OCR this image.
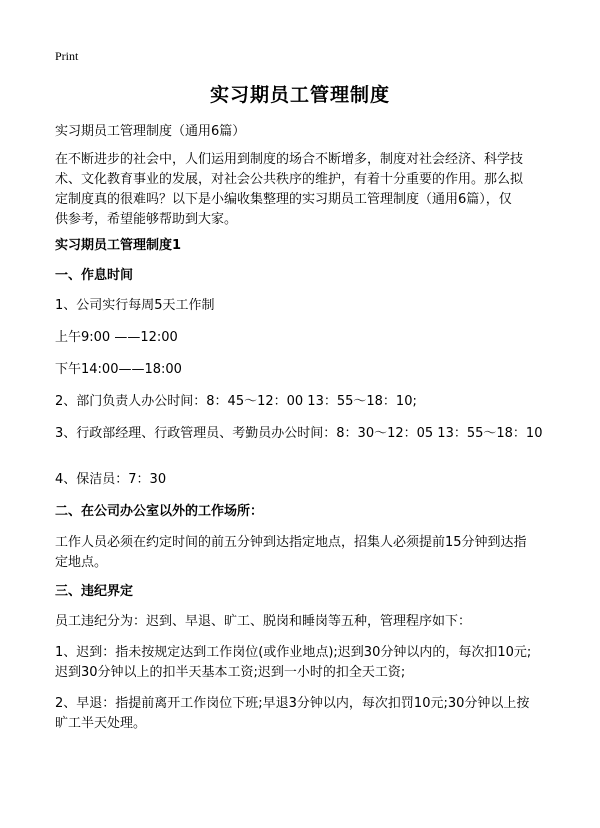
Print
实习期员工管理制度
实习期员工管理制度（通用6篇）
在不断进步的社会中，人们运用到制度的场合不断增多，制度对社会经济、科学技
术、文化教育事业的发展，对社会公共秩序的维护，有着十分重要的作用。那么拟
定制度真的很难吗？以下是小编收集整理的实习期员工管理制度（通用6篇），仅
供参考，希望能够帮助到大家。
实习期员工管理制度1
一、作息时间
1、公司实行每周5天工作制
上午9:00 ——12:00
下午14:00——18:00
2、部门负责人办公时间：8：45～12：00 13：55～18：10;
3、行政部经理、行政管理员、考勤员办公时间：8：30～12：05 13：55～18：10
4、保洁员：7：30
二、在公司办公室以外的工作场所：
工作人员必须在约定时间的前五分钟到达指定地点，招集人必须提前15分钟到达指
定地点。
三、违纪界定
员工违纪分为：迟到、早退、旷工、脱岗和睡岗等五种，管理程序如下：
1、迟到：指未按规定达到工作岗位(或作业地点);迟到30分钟以内的，每次扣10元;
迟到30分钟以上的扣半天基本工资;迟到一小时的扣全天工资;
2、早退：指提前离开工作岗位下班;早退3分钟以内，每次扣罚10元;30分钟以上按
旷工半天处理。
